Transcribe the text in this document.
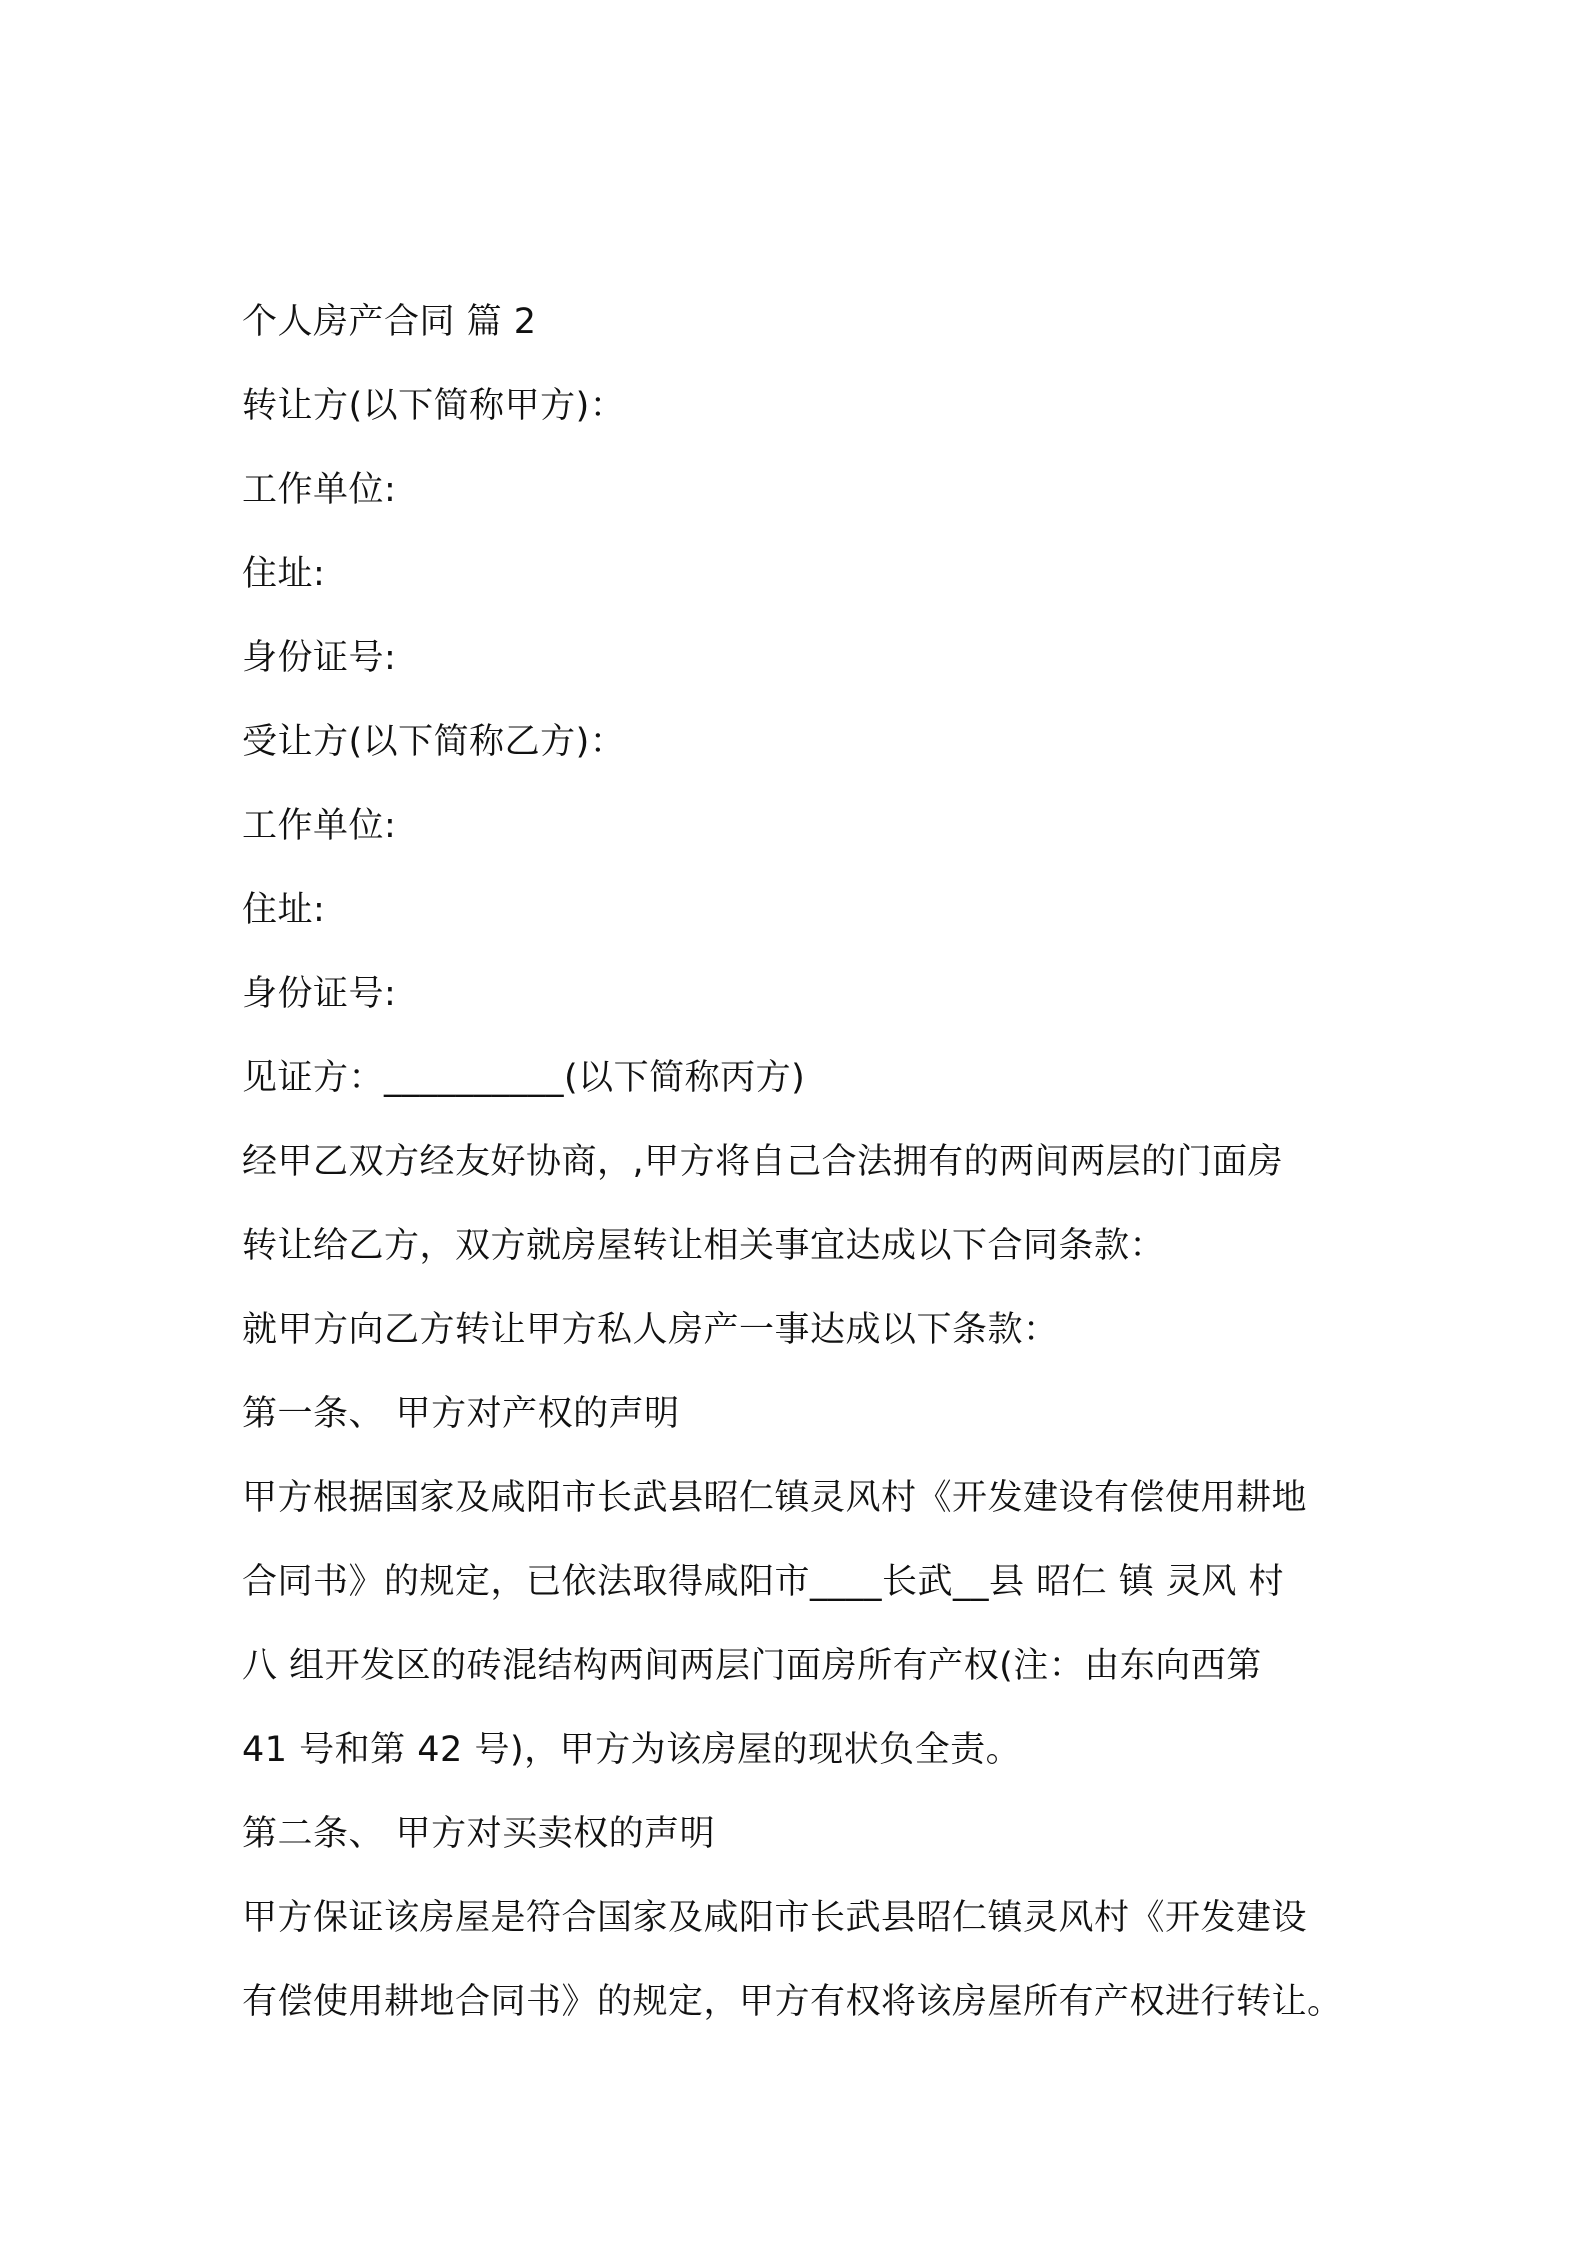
个人房产合同 篇 2
转让方(以下简称甲方)：
工作单位:
住址:
身份证号:
受让方(以下简称乙方)：
工作单位:
住址:
身份证号:
见证方：__________(以下简称丙方)
经甲乙双方经友好协商，,甲方将自己合法拥有的两间两层的门面房
转让给乙方，双方就房屋转让相关事宜达成以下合同条款：
就甲方向乙方转让甲方私人房产一事达成以下条款：
第一条、 甲方对产权的声明
甲方根据国家及咸阳市长武县昭仁镇灵风村《开发建设有偿使用耕地
合同书》的规定，已依法取得咸阳市____长武__县 昭仁 镇 灵风 村
八 组开发区的砖混结构两间两层门面房所有产权(注：由东向西第
41 号和第 42 号)，甲方为该房屋的现状负全责。
第二条、 甲方对买卖权的声明
甲方保证该房屋是符合国家及咸阳市长武县昭仁镇灵风村《开发建设
有偿使用耕地合同书》的规定，甲方有权将该房屋所有产权进行转让。
